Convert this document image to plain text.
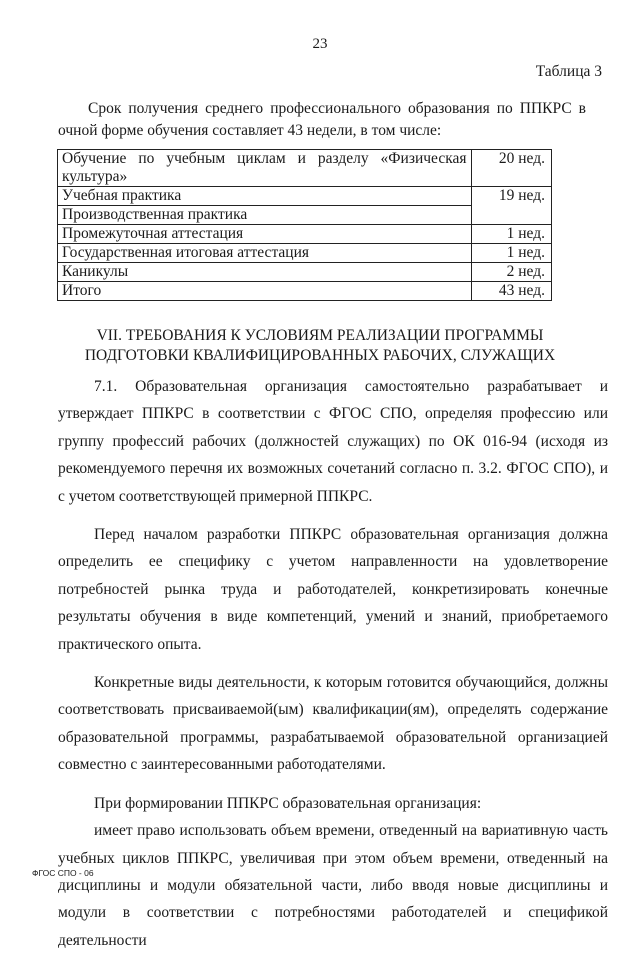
23
Таблица 3

Срок получения среднего профессионального образования по ППКРС в очной форме обучения составляет 43 недели, в том числе:

Обучение по учебным циклам и разделу «Физическая культура»	20 нед.
Учебная практика	19 нед.
Производственная практика	
Промежуточная аттестация	1 нед.
Государственная итоговая аттестация	1 нед.
Каникулы	2 нед.
Итого	43 нед.
VII. ТРЕБОВАНИЯ К УСЛОВИЯМ РЕАЛИЗАЦИИ ПРОГРАММЫ
ПОДГОТОВКИ КВАЛИФИЦИРОВАННЫХ РАБОЧИХ, СЛУЖАЩИХ

7.1. Образовательная организация самостоятельно разрабатывает и утверждает ППКРС в соответствии с ФГОС СПО, определяя профессию или группу профессий рабочих (должностей служащих) по ОК 016-94 (исходя из рекомендуемого перечня их возможных сочетаний согласно п. 3.2. ФГОС СПО), и с учетом соответствующей примерной ППКРС.

Перед началом разработки ППКРС образовательная организация должна определить ее специфику с учетом направленности на удовлетворение потребностей рынка труда и работодателей, конкретизировать конечные результаты обучения в виде компетенций, умений и знаний, приобретаемого практического опыта.

Конкретные виды деятельности, к которым готовится обучающийся, должны соответствовать присваиваемой(ым) квалификации(ям), определять содержание образовательной программы, разрабатываемой образовательной организацией совместно с заинтересованными работодателями.

При формировании ППКРС образовательная организация:

имеет право использовать объем времени, отведенный на вариативную часть учебных циклов ППКРС, увеличивая при этом объем времени, отведенный на дисциплины и модули обязательной части, либо вводя новые дисциплины и модули в соответствии с потребностями работодателей и спецификой деятельности

ФГОС СПО - 06
